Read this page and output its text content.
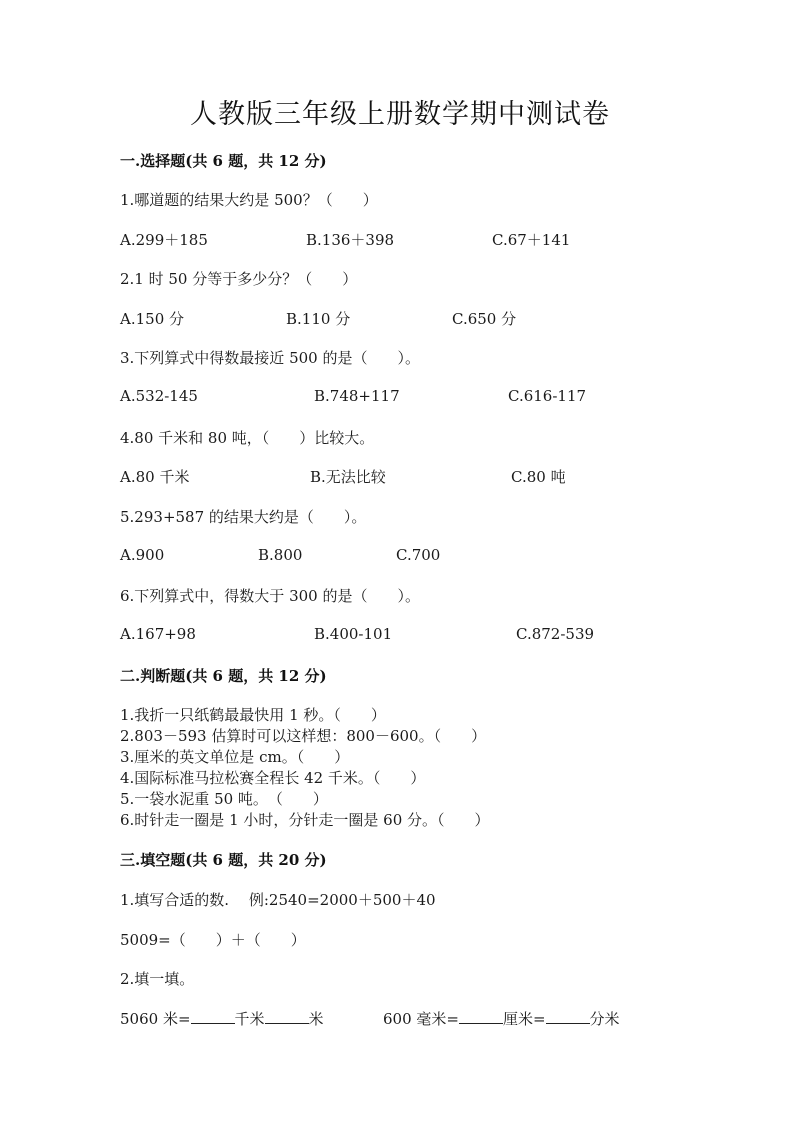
人教版三年级上册数学期中测试卷
一.选择题(共 6 题，共 12 分)
1.哪道题的结果大约是 500？（　　）
A.299＋185	B.136＋398	C.67＋141
2.1 时 50 分等于多少分？（　　）
A.150 分	B.110 分	C.650 分
3.下列算式中得数最接近 500 的是（　　）。
A.532-145	B.748+117	C.616-117
4.80 千米和 80 吨，（　　）比较大。
A.80 千米	B.无法比较	C.80 吨
5.293+587 的结果大约是（　　）。
A.900	B.800	C.700
6.下列算式中，得数大于 300 的是（　　）。
A.167+98	B.400-101	C.872-539
二.判断题(共 6 题，共 12 分)
1.我折一只纸鹤最最快用 1 秒。（　　）
2.803－593 估算时可以这样想：800－600。（　　）
3.厘米的英文单位是 cm。（　　）
4.国际标准马拉松赛全程长 42 千米。（　　）
5.一袋水泥重 50 吨。　（　　）
6.时针走一圈是 1 小时，分针走一圈是 60 分。（　　）
三.填空题(共 6 题，共 20 分)
1.填写合适的数.　 例:2540=2000＋500＋40
5009=（　　）＋（　　）
2.填一填。
5060 米=	千米	米	600 毫米=	厘米=	分米
